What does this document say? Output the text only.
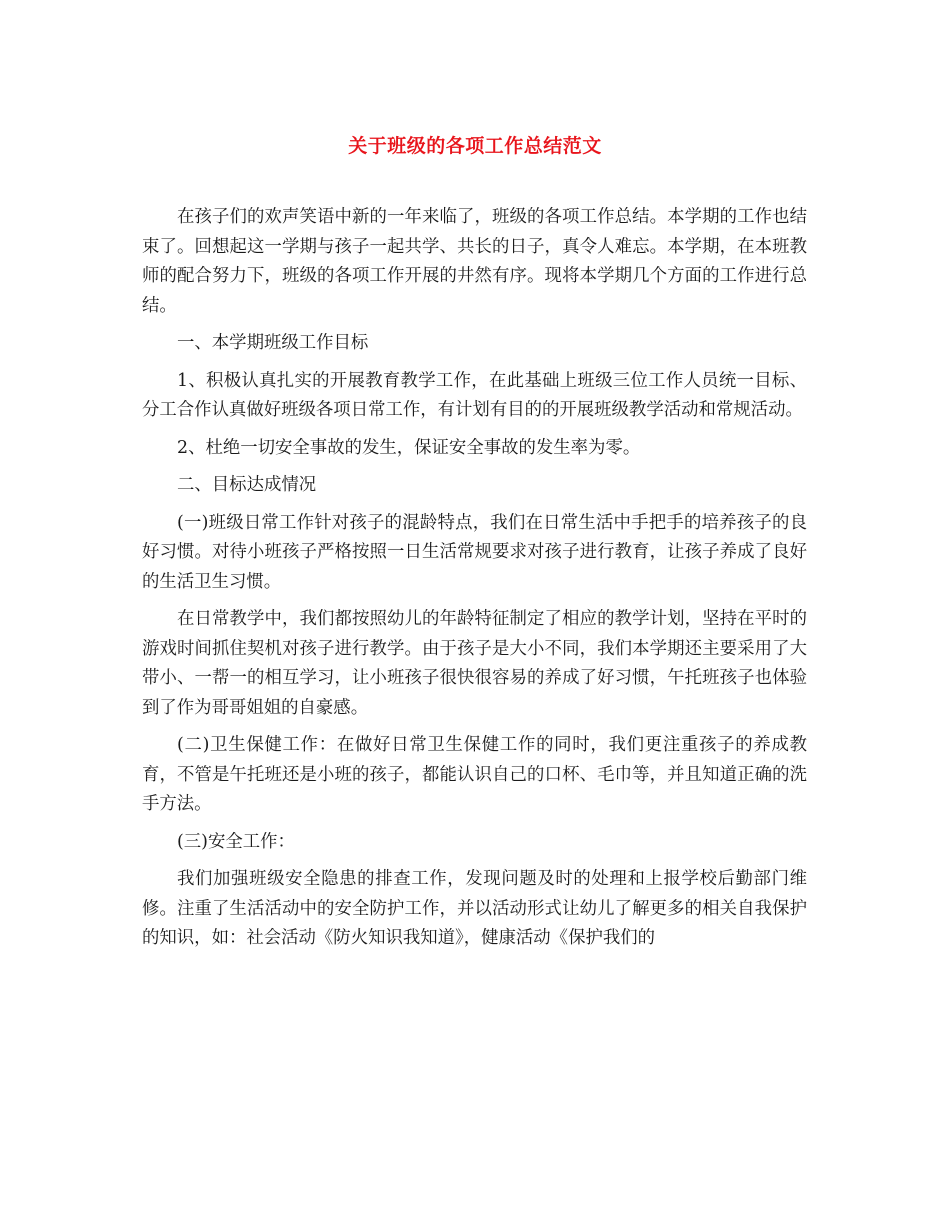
关于班级的各项工作总结范文

在孩子们的欢声笑语中新的一年来临了，班级的各项工作总结。本学期的工作也结束了。回想起这一学期与孩子一起共学、共长的日子，真令人难忘。本学期，在本班教师的配合努力下，班级的各项工作开展的井然有序。现将本学期几个方面的工作进行总结。

一、本学期班级工作目标

1、积极认真扎实的开展教育教学工作，在此基础上班级三位工作人员统一目标、分工合作认真做好班级各项日常工作，有计划有目的的开展班级教学活动和常规活动。

2、杜绝一切安全事故的发生，保证安全事故的发生率为零。

二、目标达成情况

(一)班级日常工作针对孩子的混龄特点，我们在日常生活中手把手的培养孩子的良好习惯。对待小班孩子严格按照一日生活常规要求对孩子进行教育，让孩子养成了良好的生活卫生习惯。

在日常教学中，我们都按照幼儿的年龄特征制定了相应的教学计划，坚持在平时的游戏时间抓住契机对孩子进行教学。由于孩子是大小不同，我们本学期还主要采用了大带小、一帮一的相互学习，让小班孩子很快很容易的养成了好习惯，午托班孩子也体验到了作为哥哥姐姐的自豪感。

(二)卫生保健工作：在做好日常卫生保健工作的同时，我们更注重孩子的养成教育，不管是午托班还是小班的孩子，都能认识自己的口杯、毛巾等，并且知道正确的洗手方法。

(三)安全工作：

我们加强班级安全隐患的排查工作，发现问题及时的处理和上报学校后勤部门维修。注重了生活活动中的安全防护工作，并以活动形式让幼儿了解更多的相关自我保护的知识，如：社会活动《防火知识我知道》，健康活动《保护我们的
